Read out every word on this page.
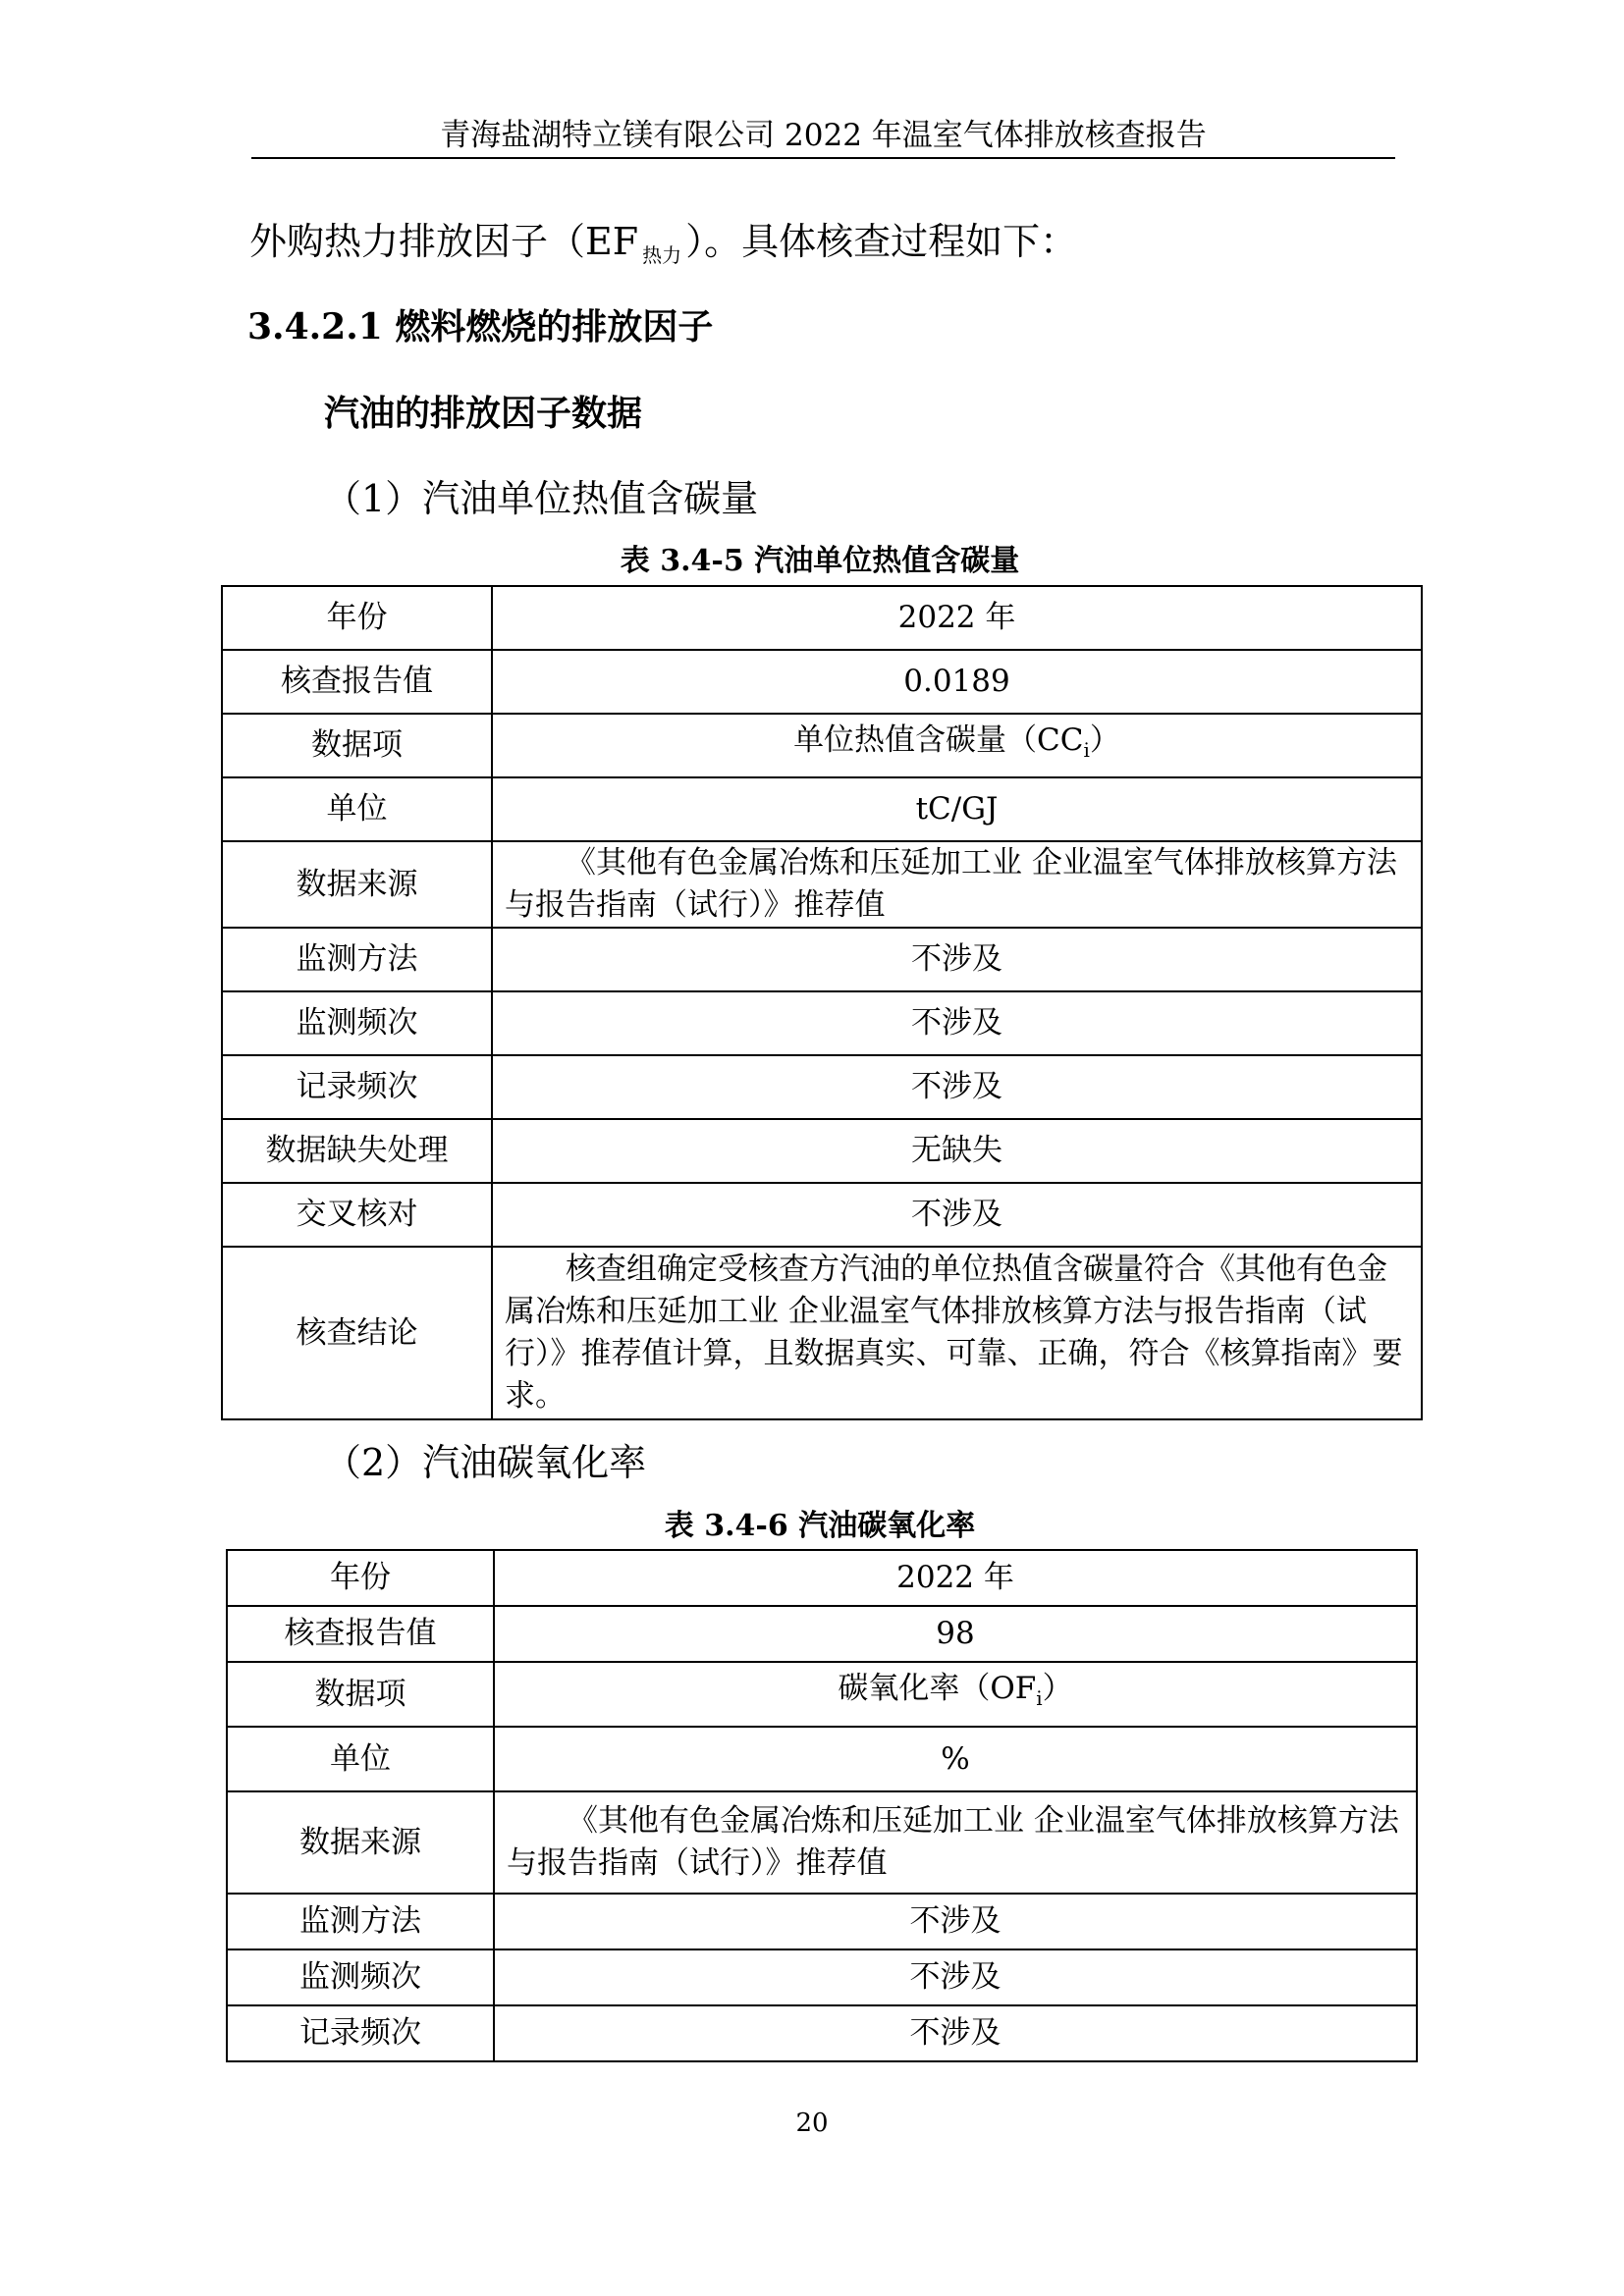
青海盐湖特立镁有限公司 2022 年温室气体排放核查报告
外购热力排放因子（EF $_{热力}$ ）。具体核查过程如下：
3.4.2.1 燃料燃烧的排放因子
汽油的排放因子数据
（1）汽油单位热值含碳量
表 3.4-5 汽油单位热值含碳量
年份	2022 年
核查报告值	0.0189
数据项	单位热值含碳量$(CC_i)$
单位	tC/GJ
数据来源	《其他有色金属冶炼和压延加工业 企业温室气体排放核算方法与报告指南（试行）》推荐值
监测方法	不涉及
监测频次	不涉及
记录频次	不涉及
数据缺失处理	无缺失
交叉核对	不涉及
核查结论	核查组确定受核查方汽油的单位热值含碳量符合《其他有色金属冶炼和压延加工业 企业温室气体排放核算方法与报告指南（试行）》推荐值计算，且数据真实、可靠、正确，符合《核算指南》要求。
（2）汽油碳氧化率
表 3.4-6 汽油碳氧化率
年份	2022 年
核查报告值	98
数据项	碳氧化率$(OF_i)$
单位	%
数据来源	《其他有色金属冶炼和压延加工业 企业温室气体排放核算方法与报告指南（试行）》推荐值
监测方法	不涉及
监测频次	不涉及
记录频次	不涉及
20
